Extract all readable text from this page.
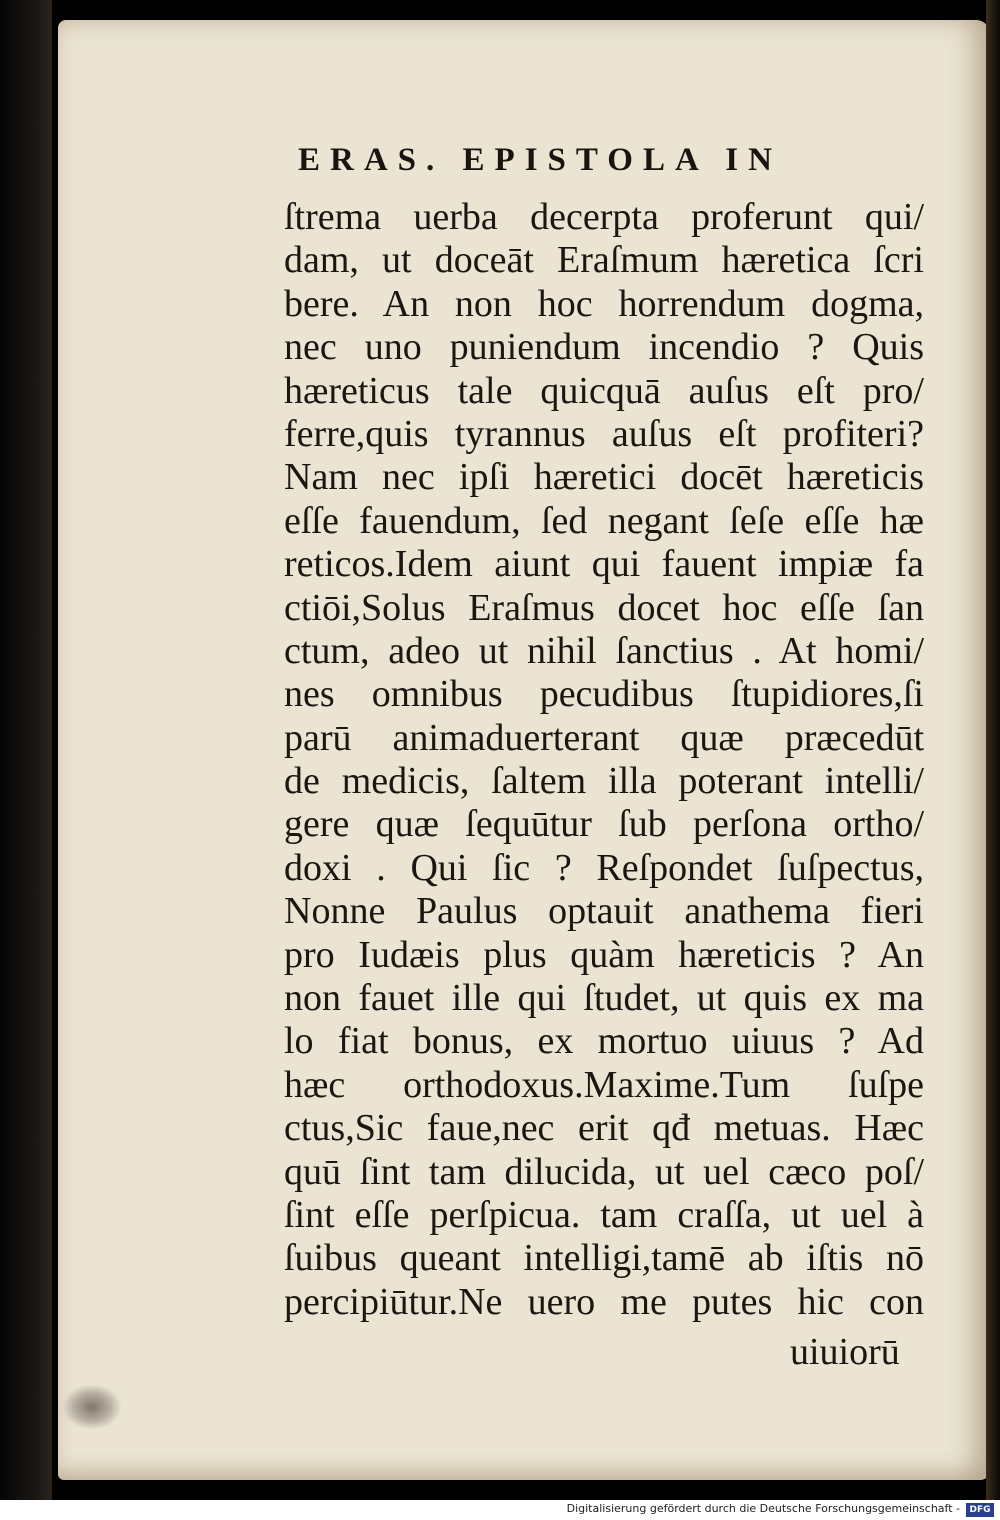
ERAS. EPISTOLA IN
ſtrema uerba decerpta proferunt qui/
dam, ut doceāt Eraſmum hæretica ſcri
bere. An non hoc horrendum dogma,
nec uno puniendum incendio ? Quis
hæreticus tale quicquā auſus eſt pro/
ferre,quis tyrannus auſus eſt profiteri?
Nam nec ipſi hæretici docēt hæreticis
eſſe fauendum, ſed negant ſeſe eſſe hæ
reticos.Idem aiunt qui fauent impiæ fa
ctiōi,Solus Eraſmus docet hoc eſſe ſan
ctum, adeo ut nihil ſanctius . At homi/
nes omnibus pecudibus ſtupidiores,ſi
parū animaduerterant quæ præcedūt
de medicis, ſaltem illa poterant intelli/
gere quæ ſequūtur ſub perſona ortho/
doxi . Qui ſic ? Reſpondet ſuſpectus,
Nonne Paulus optauit anathema fieri
pro Iudæis plus quàm hæreticis ? An
non fauet ille qui ſtudet, ut quis ex ma
lo fiat bonus, ex mortuo uiuus ? Ad
hæc orthodoxus.Maxime.Tum ſuſpe
ctus,Sic faue,nec erit qđ metuas. Hæc
quū ſint tam dilucida, ut uel cæco poſ/
ſint eſſe perſpicua. tam craſſa, ut uel à
ſuibus queant intelligi,tamē ab iſtis nō
percipiūtur.Ne uero me putes hic con
uiuiorū
Digitalisierung gefördert durch die Deutsche Forschungsgemeinschaft -	DFG
